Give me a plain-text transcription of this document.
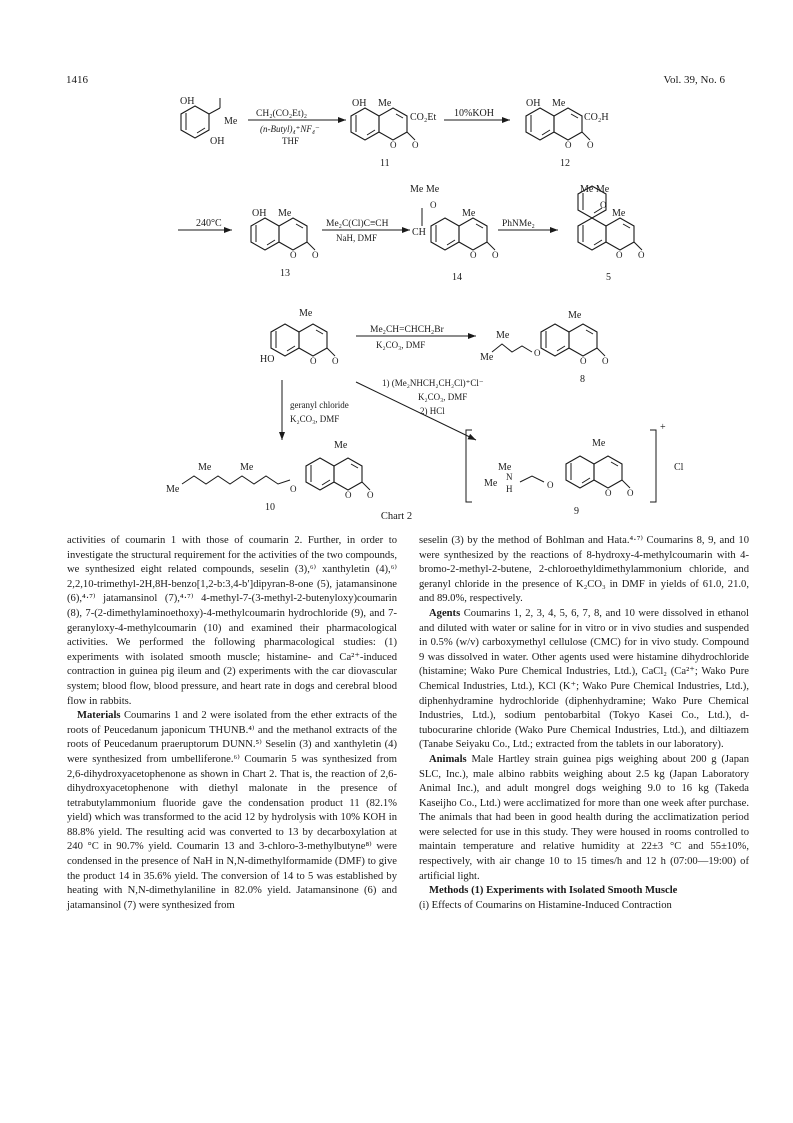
1416	Vol. 39, No. 6
OH
Me
OH
CH₂(CO₂Et)₂
(n-Butyl)₄⁺NF₄⁻
THF
OH Me
CO₂Et
O O
11
10%KOH
OH Me
CO₂H
O O
12
240°C
OH Me
O O
13
Me₂C(Cl)C≡CH
NaH, DMF
Me Me
O
CH
Me
O O
14
PhNMe₂
Me Me
O
Me
O O
5
Me
HO	O O
Me₂CH=CHCH₂Br
K₂CO₃, DMF
Me
Me	O
Me
O O
8
1) (Me₂NHCH₂CH₂Cl)⁺Cl⁻
K₂CO₃, DMF
2) HCl
geranyl chloride
K₂CO₃, DMF
Me	Me
Me	O
Me
O O
10
+
Cl
Me
Me
N
H	O
Me
O O
9
Chart 2

activities of coumarin 1 with those of coumarin 2. Further, in order to investigate the structural requirement for the activities of the two compounds, we synthesized eight related compounds, seselin (3),⁶⁾ xanthyletin (4),⁶⁾ 2,2,10-trimethyl-2H,8H-benzo[1,2-b:3,4-b′]dipyran-8-one (5), jatamansinone (6),⁴·⁷⁾ jatamansinol (7),⁴·⁷⁾ 4-methyl-7-(3-methyl-2-butenyloxy)coumarin (8), 7-(2-dimethylaminoethoxy)-4-methylcoumarin hydrochloride (9), and 7-geranyloxy-4-methylcoumarin (10) and examined their pharmacological activities. We performed the following pharmacological studies: (1) experiments with isolated smooth muscle; histamine- and Ca²⁺-induced contraction in guinea pig ileum and (2) experiments with the car diovascular system; blood flow, blood pressure, and heart rate in dogs and cerebral blood flow in rabbits.

Materials Coumarins 1 and 2 were isolated from the ether extracts of the roots of Peucedanum japonicum THUNB.⁴⁾ and the methanol extracts of the roots of Peucedanum praeruptorum DUNN.⁵⁾ Seselin (3) and xanthyletin (4) were synthesized from umbelliferone.⁶⁾ Coumarin 5 was synthesized from 2,6-dihydroxyacetophenone as shown in Chart 2. That is, the reaction of 2,6-dihydroxyacetophenone with diethyl malonate in the presence of tetrabutylammonium fluoride gave the condensation product 11 (82.1% yield) which was transformed to the acid 12 by hydrolysis with 10% KOH in 88.8% yield. The resulting acid was converted to 13 by decarboxylation at 240 °C in 90.7% yield. Coumarin 13 and 3-chloro-3-methylbutyne⁸⁾ were condensed in the presence of NaH in N,N-dimethylformamide (DMF) to give the product 14 in 35.6% yield. The conversion of 14 to 5 was established by heating with N,N-dimethylaniline in 82.0% yield. Jatamansinone (6) and jatamansinol (7) were synthesized from

seselin (3) by the method of Bohlman and Hata.⁴·⁷⁾ Coumarins 8, 9, and 10 were synthesized by the reactions of 8-hydroxy-4-methylcoumarin with 4-bromo-2-methyl-2-butene, 2-chloroethyldimethylammonium chloride, and geranyl chloride in the presence of K₂CO₃ in DMF in yields of 61.0, 21.0, and 89.0%, respectively.

Agents Coumarins 1, 2, 3, 4, 5, 6, 7, 8, and 10 were dissolved in ethanol and diluted with water or saline for in vitro or in vivo studies and suspended in 0.5% (w/v) carboxymethyl cellulose (CMC) for in vivo study. Compound 9 was dissolved in water. Other agents used were histamine dihydrochloride (histamine; Wako Pure Chemical Industries, Ltd.), CaCl₂ (Ca²⁺; Wako Pure Chemical Industries, Ltd.), KCl (K⁺; Wako Pure Chemical Industries, Ltd.), diphenhydramine hydrochloride (diphenhydramine; Wako Pure Chemical Industries, Ltd.), sodium pentobarbital (Tokyo Kasei Co., Ltd.), d-tubocurarine chloride (Wako Pure Chemical Industries, Ltd.), and diltiazem (Tanabe Seiyaku Co., Ltd.; extracted from the tablets in our laboratory).

Animals Male Hartley strain guinea pigs weighing about 200 g (Japan SLC, Inc.), male albino rabbits weighing about 2.5 kg (Japan Laboratory Animal Inc.), and adult mongrel dogs weighing 9.0 to 16 kg (Takeda Kaseijho Co., Ltd.) were acclimatized for more than one week after purchase. The animals that had been in good health during the acclimatization period were selected for use in this study. They were housed in rooms controlled to maintain temperature and relative humidity at 22±3 °C and 55±10%, respectively, with air change 10 to 15 times/h and 12 h (07:00—19:00) of artificial light.

Methods (1) Experiments with Isolated Smooth Muscle

(i) Effects of Coumarins on Histamine-Induced Contraction
